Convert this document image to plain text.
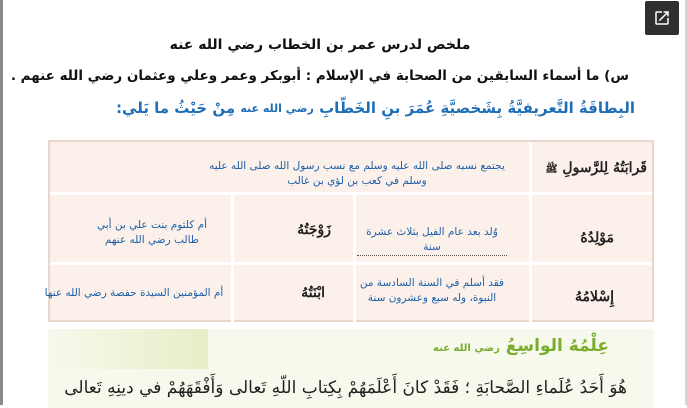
ملخص لدرس عمر بن الخطاب رضي الله عنه
س) ما أسماء السابقين من الصحابة في الإسلام : أبوبكر وعمر وعلي وعثمان رضي الله عنهم .
البِطاقَةُ التَّعريفيَّةُ بِشَخصيَّةِ عُمَرَ بنِ الخَطّابِ رضي الله عنه مِنْ حَيْثُ ما يَلي:
قَرابَتُهُ لِلرَّسولِ ﷺ
يجتمع نسبه صلى الله عليه وسلم مع نسب رسول الله صلى الله عليه وسلم في كعب بن لؤي بن غالب
مَوْلِدُهُ
وُلد بعد عام الفيل بثلاث عشرة سنة
زَوْجَتُهُ
أم كلثوم بنت علي بن أبي طالب رضي الله عنهم
إِسْلامُهُ
فقد أسلم في السنة السادسة من النبوة، وله سبع وعشرون سنة
ابْنَتُهُ
أم المؤمنين السيدة حفصة رضي الله عنها
عِلْمُهُ الواسِعُ رضي الله عنه
هُوَ أَحَدُ عُلَماءِ الصَّحابَةِ ؛ فَقَدْ كانَ أَعْلَمَهُمْ بِكِتابِ اللّهِ تَعالى وَأَفْقَهَهُمْ في دينِهِ تَعالى
